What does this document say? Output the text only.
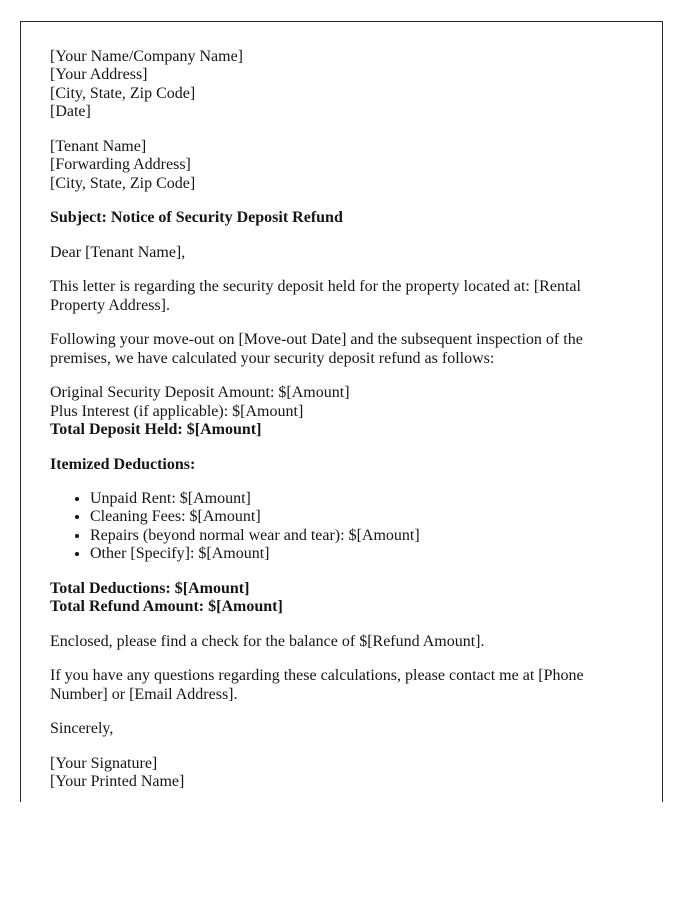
[Your Name/Company Name]
[Your Address]
[City, State, Zip Code]
[Date]

[Tenant Name]
[Forwarding Address]
[City, State, Zip Code]

Subject: Notice of Security Deposit Refund

Dear [Tenant Name],

This letter is regarding the security deposit held for the property located at: [Rental Property Address].

Following your move-out on [Move-out Date] and the subsequent inspection of the premises, we have calculated your security deposit refund as follows:

Original Security Deposit Amount: $[Amount]
Plus Interest (if applicable): $[Amount]
Total Deposit Held: $[Amount]

Itemized Deductions:

• Unpaid Rent: $[Amount]
• Cleaning Fees: $[Amount]
• Repairs (beyond normal wear and tear): $[Amount]
• Other [Specify]: $[Amount]

Total Deductions: $[Amount]
Total Refund Amount: $[Amount]

Enclosed, please find a check for the balance of $[Refund Amount].

If you have any questions regarding these calculations, please contact me at [Phone Number] or [Email Address].

Sincerely,

[Your Signature]
[Your Printed Name]
